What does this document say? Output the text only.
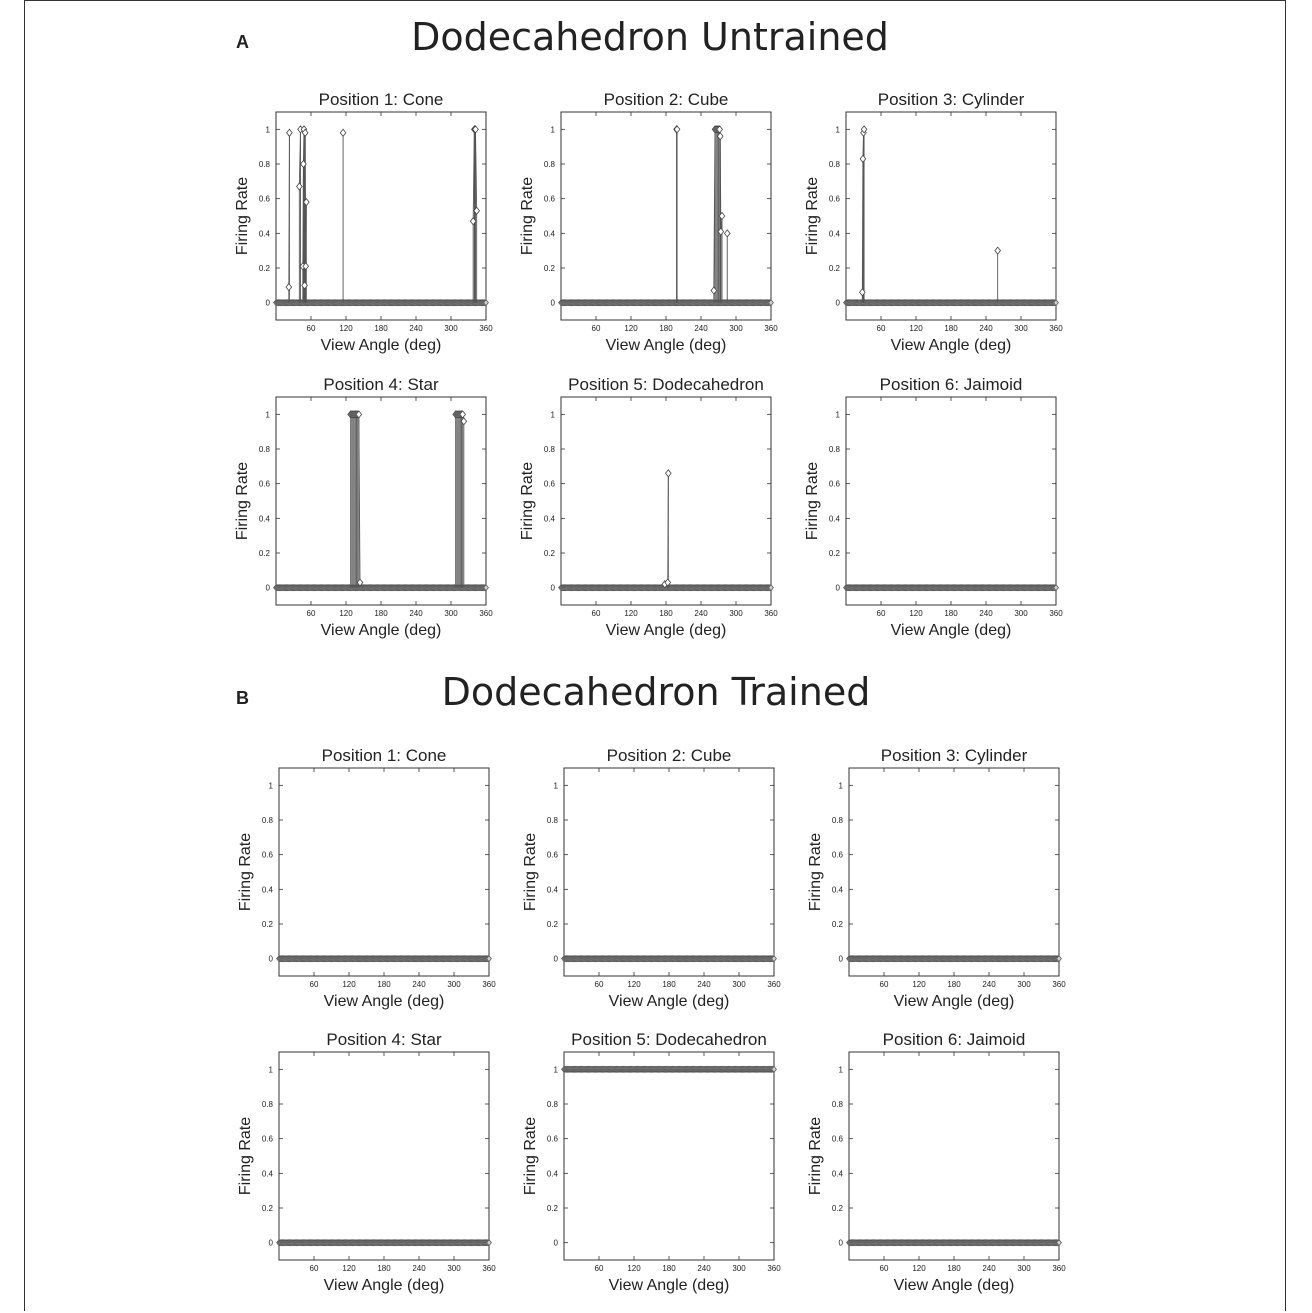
A	Dodecahedron Untrained
B	Dodecahedron Trained
0
0.2
0.4
0.6
0.8
1
60	120	180	240	300	360
Position 1: Cone
View Angle (deg)
Firing Rate
0
0.2
0.4
0.6
0.8
1
60	120	180	240	300	360
Position 2: Cube
View Angle (deg)
Firing Rate
0
0.2
0.4
0.6
0.8
1
60	120	180	240	300	360
Position 3: Cylinder
View Angle (deg)
Firing Rate
0
0.2
0.4
0.6
0.8
1
60	120	180	240	300	360
Position 4: Star
View Angle (deg)
Firing Rate
0
0.2
0.4
0.6
0.8
1
60	120	180	240	300	360
Position 5: Dodecahedron
View Angle (deg)
Firing Rate
0
0.2
0.4
0.6
0.8
1
60	120	180	240	300	360
Position 6: Jaimoid
View Angle (deg)
Firing Rate
0
0.2
0.4
0.6
0.8
1
60	120	180	240	300	360
Position 1: Cone
View Angle (deg)
Firing Rate
0
0.2
0.4
0.6
0.8
1
60	120	180	240	300	360
Position 2: Cube
View Angle (deg)
Firing Rate
0
0.2
0.4
0.6
0.8
1
60	120	180	240	300	360
Position 3: Cylinder
View Angle (deg)
Firing Rate
0
0.2
0.4
0.6
0.8
1
60	120	180	240	300	360
Position 4: Star
View Angle (deg)
Firing Rate
0
0.2
0.4
0.6
0.8
1
60	120	180	240	300	360
Position 5: Dodecahedron
View Angle (deg)
Firing Rate
0
0.2
0.4
0.6
0.8
1
60	120	180	240	300	360
Position 6: Jaimoid
View Angle (deg)
Firing Rate
